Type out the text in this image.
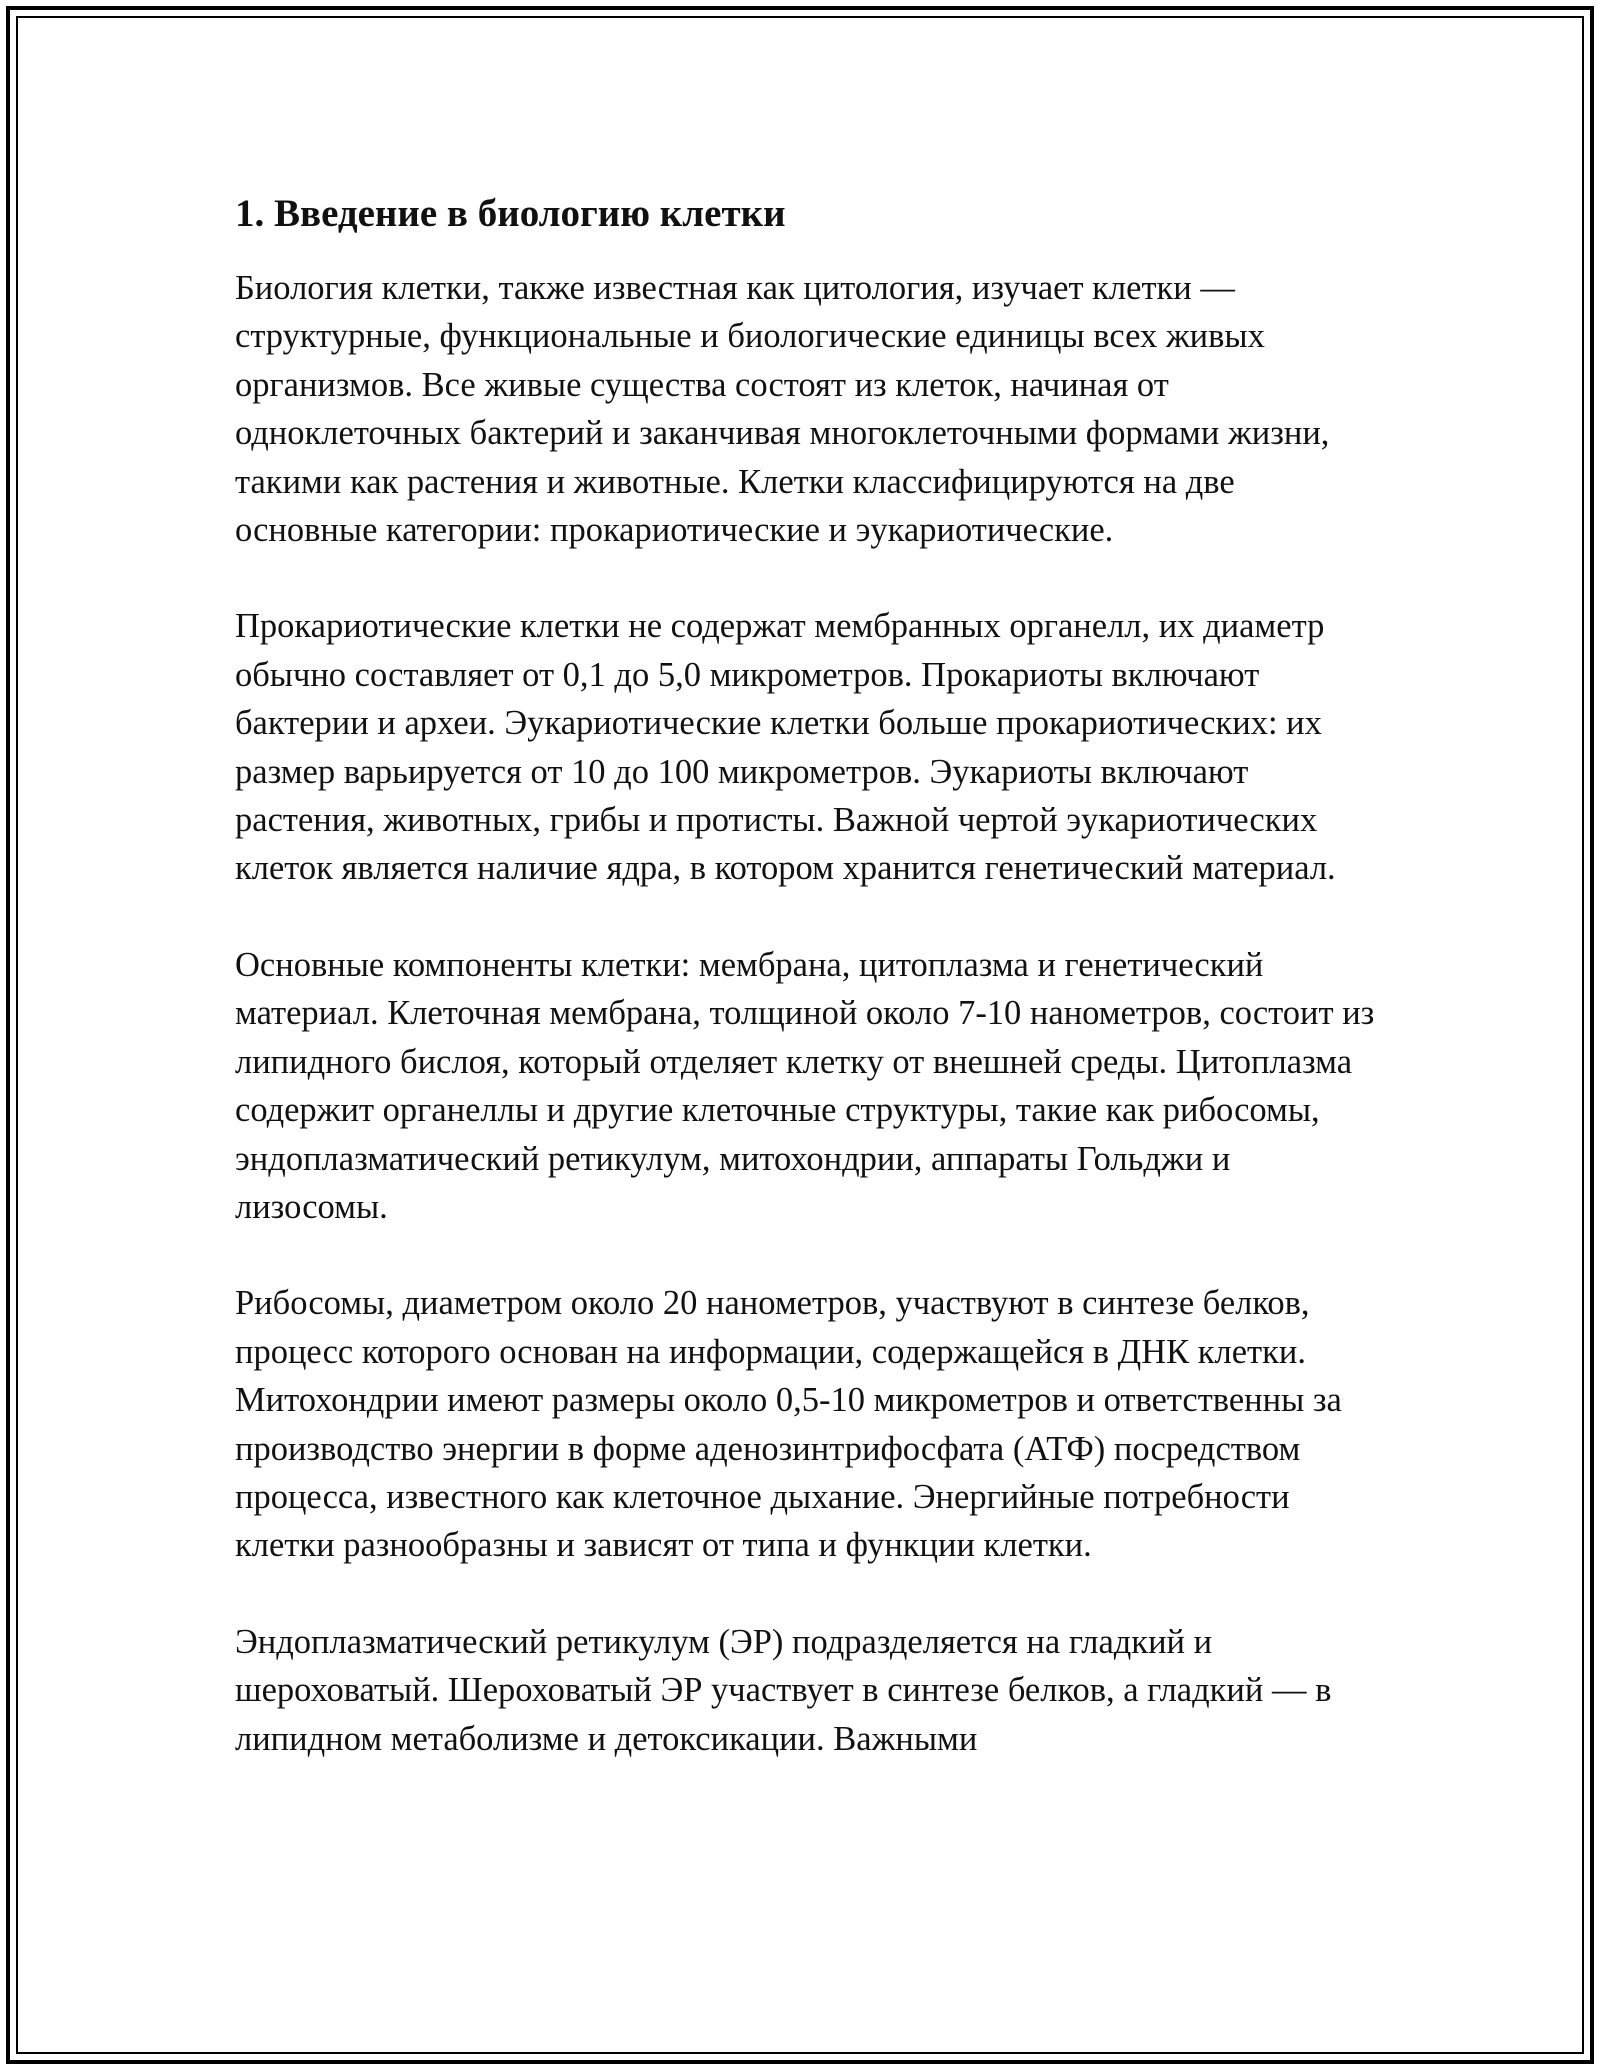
1. Введение в биологию клетки

Биология клетки, также известная как цитология, изучает клетки — структурные, функциональные и биологические единицы всех живых организмов. Все живые существа состоят из клеток, начиная от одноклеточных бактерий и заканчивая многоклеточными формами жизни, такими как растения и животные. Клетки классифицируются на две основные категории: прокариотические и эукариотические.

Прокариотические клетки не содержат мембранных органелл, их диаметр обычно составляет от 0,1 до 5,0 микрометров. Прокариоты включают бактерии и археи. Эукариотические клетки больше прокариотических: их размер варьируется от 10 до 100 микрометров. Эукариоты включают растения, животных, грибы и протисты. Важной чертой эукариотических клеток является наличие ядра, в котором хранится генетический материал.

Основные компоненты клетки: мембрана, цитоплазма и генетический материал. Клеточная мембрана, толщиной около 7-10 нанометров, состоит из липидного бислоя, который отделяет клетку от внешней среды. Цитоплазма содержит органеллы и другие клеточные структуры, такие как рибосомы, эндоплазматический ретикулум, митохондрии, аппараты Гольджи и лизосомы.

Рибосомы, диаметром около 20 нанометров, участвуют в синтезе белков, процесс которого основан на информации, содержащейся в ДНК клетки. Митохондрии имеют размеры около 0,5-10 микрометров и ответственны за производство энергии в форме аденозинтрифосфата (АТФ) посредством процесса, известного как клеточное дыхание. Энергийные потребности клетки разнообразны и зависят от типа и функции клетки.

Эндоплазматический ретикулум (ЭР) подразделяется на гладкий и шероховатый. Шероховатый ЭР участвует в синтезе белков, а гладкий — в липидном метаболизме и детоксикации. Важными
